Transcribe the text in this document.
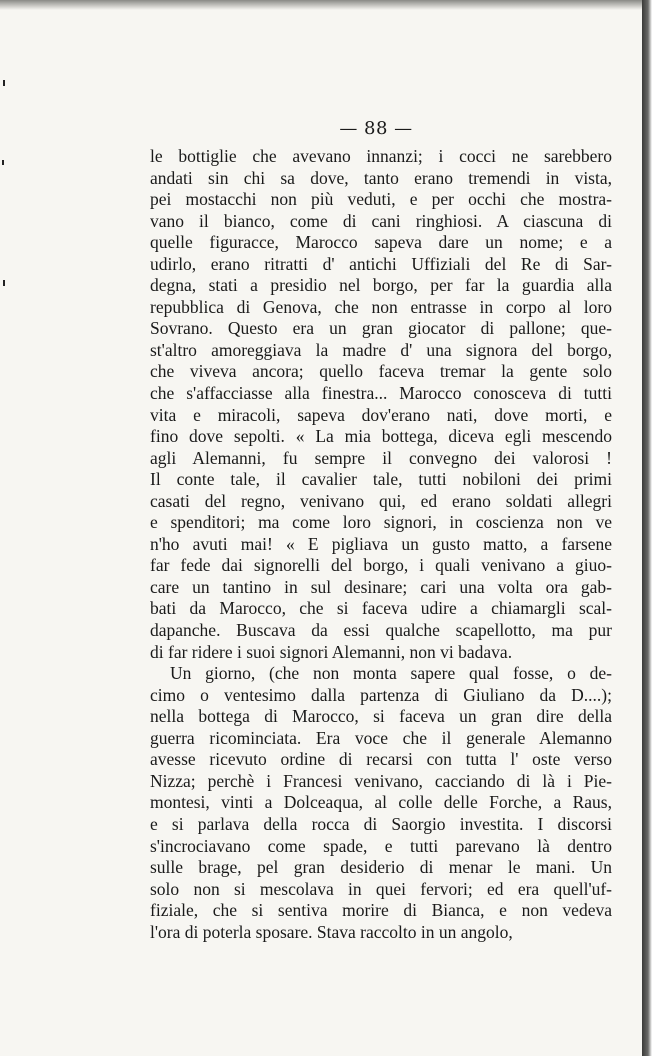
— 88 —
le bottiglie che avevano innanzi; i cocci ne sarebbero
andati sin chi sa dove, tanto erano tremendi in vista,
pei mostacchi non più veduti, e per occhi che mostra-
vano il bianco, come di cani ringhiosi. A ciascuna di
quelle figuracce, Marocco sapeva dare un nome; e a
udirlo, erano ritratti d' antichi Uffiziali del Re di Sar-
degna, stati a presidio nel borgo, per far la guardia alla
repubblica di Genova, che non entrasse in corpo al loro
Sovrano. Questo era un gran giocator di pallone; que-
st'altro amoreggiava la madre d' una signora del borgo,
che viveva ancora; quello faceva tremar la gente solo
che s'affacciasse alla finestra... Marocco conosceva di tutti
vita e miracoli, sapeva dov'erano nati, dove morti, e
fino dove sepolti. « La mia bottega, diceva egli mescendo
agli Alemanni, fu sempre il convegno dei valorosi !
Il conte tale, il cavalier tale, tutti nobiloni dei primi
casati del regno, venivano qui, ed erano soldati allegri
e spenditori; ma come loro signori, in coscienza non ve
n'ho avuti mai! « E pigliava un gusto matto, a farsene
far fede dai signorelli del borgo, i quali venivano a giuo-
care un tantino in sul desinare; cari una volta ora gab-
bati da Marocco, che si faceva udire a chiamargli scal-
dapanche. Buscava da essi qualche scapellotto, ma pur
di far ridere i suoi signori Alemanni, non vi badava.
Un giorno, (che non monta sapere qual fosse, o de-
cimo o ventesimo dalla partenza di Giuliano da D....);
nella bottega di Marocco, si faceva un gran dire della
guerra ricominciata. Era voce che il generale Alemanno
avesse ricevuto ordine di recarsi con tutta l' oste verso
Nizza; perchè i Francesi venivano, cacciando di là i Pie-
montesi, vinti a Dolceaqua, al colle delle Forche, a Raus,
e si parlava della rocca di Saorgio investita. I discorsi
s'incrociavano come spade, e tutti parevano là dentro
sulle brage, pel gran desiderio di menar le mani. Un
solo non si mescolava in quei fervori; ed era quell'uf-
fiziale, che si sentiva morire di Bianca, e non vedeva
l'ora di poterla sposare. Stava raccolto in un angolo,
